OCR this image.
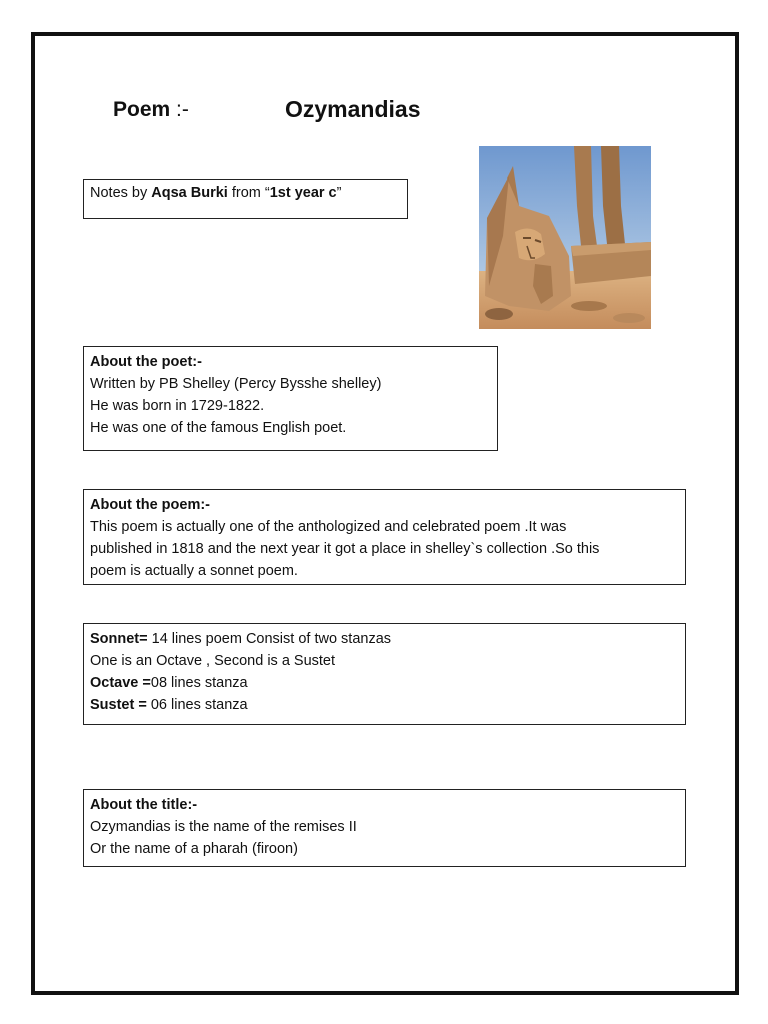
Poem :-	Ozymandias
Notes by Aqsa Burki from “1st year c”
About the poet:-
Written by PB Shelley (Percy Bysshe shelley)
He was born in 1729-1822.
He was one of the famous English poet.
About the poem:-
This poem is actually one of the anthologized and celebrated poem .It was
published in 1818 and the next year it got a place in shelley`s collection .So this
poem is actually a sonnet poem.
Sonnet= 14 lines poem Consist of two stanzas
One is an Octave , Second is a Sustet
Octave =08 lines stanza
Sustet = 06 lines stanza
About the title:-
Ozymandias is the name of the remises II
Or the name of a pharah (firoon)
